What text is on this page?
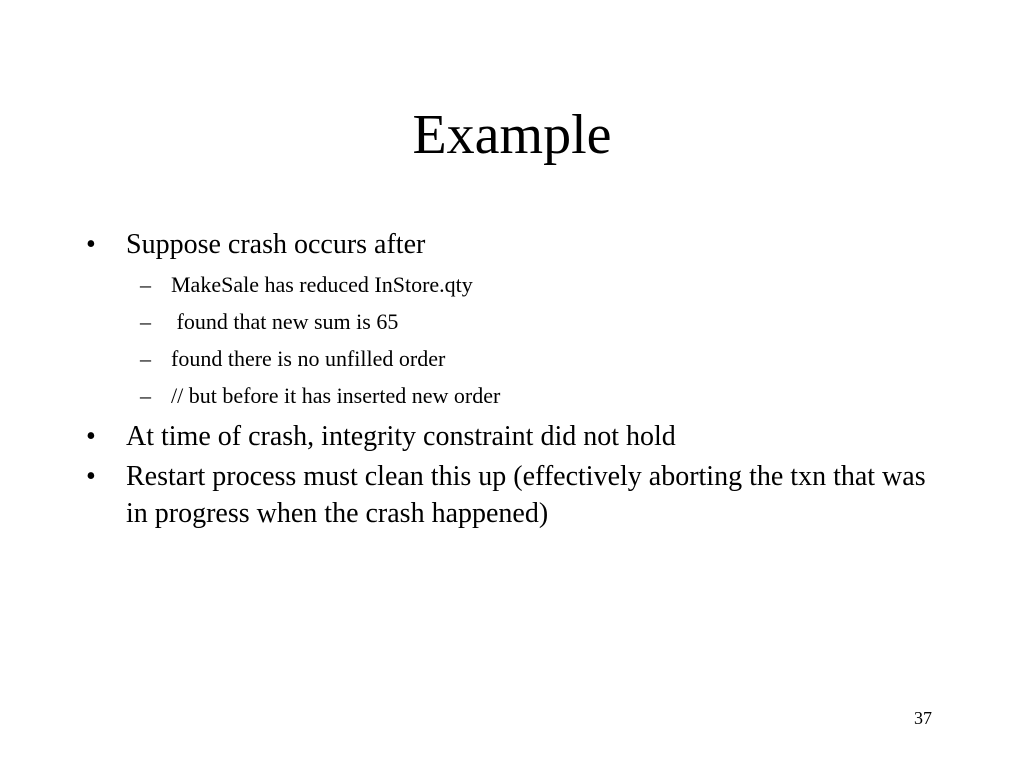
Example
• Suppose crash occurs after
– MakeSale has reduced InStore.qty
– found that new sum is 65
– found there is no unfilled order
– // but before it has inserted new order
• At time of crash, integrity constraint did not hold
• Restart process must clean this up (effectively aborting the txn that was in progress when the crash happened)
37
